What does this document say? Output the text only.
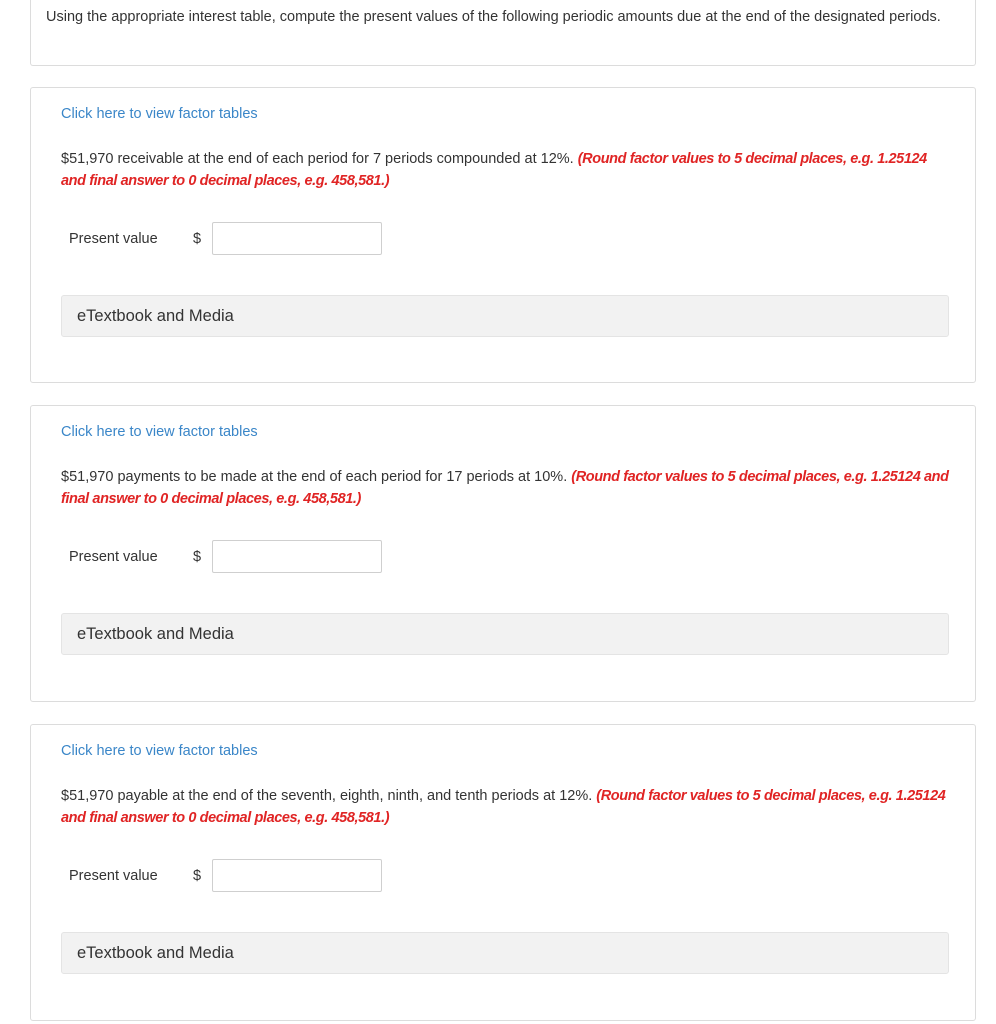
Using the appropriate interest table, compute the present values of the following periodic amounts due at the end of the designated periods.
Click here to view factor tables
$51,970 receivable at the end of each period for 7 periods compounded at 12%. (Round factor values to 5 decimal places, e.g. 1.25124 and final answer to 0 decimal places, e.g. 458,581.)
Present value	$
eTextbook and Media
Click here to view factor tables
$51,970 payments to be made at the end of each period for 17 periods at 10%. (Round factor values to 5 decimal places, e.g. 1.25124 and final answer to 0 decimal places, e.g. 458,581.)
Present value	$
eTextbook and Media
Click here to view factor tables
$51,970 payable at the end of the seventh, eighth, ninth, and tenth periods at 12%. (Round factor values to 5 decimal places, e.g. 1.25124 and final answer to 0 decimal places, e.g. 458,581.)
Present value	$
eTextbook and Media
